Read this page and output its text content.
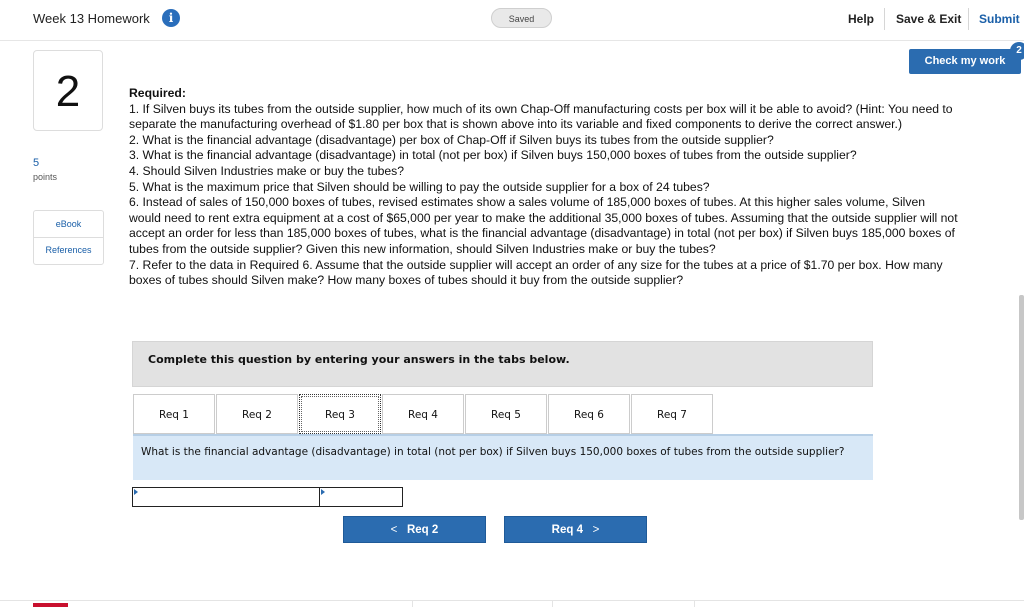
Week 13 Homework	i	Saved	Help Save & Exit Submit
Check my work
2
2
5
points
eBook
References

Required:

1. If Silven buys its tubes from the outside supplier, how much of its own Chap-Off manufacturing costs per box will it be able to avoid? (Hint: You need to separate the manufacturing overhead of $1.80 per box that is shown above into its variable and fixed components to derive the correct answer.)

2. What is the financial advantage (disadvantage) per box of Chap-Off if Silven buys its tubes from the outside supplier?

3. What is the financial advantage (disadvantage) in total (not per box) if Silven buys 150,000 boxes of tubes from the outside supplier?

4. Should Silven Industries make or buy the tubes?

5. What is the maximum price that Silven should be willing to pay the outside supplier for a box of 24 tubes?

6. Instead of sales of 150,000 boxes of tubes, revised estimates show a sales volume of 185,000 boxes of tubes. At this higher sales volume, Silven would need to rent extra equipment at a cost of $65,000 per year to make the additional 35,000 boxes of tubes. Assuming that the outside supplier will not accept an order for less than 185,000 boxes of tubes, what is the financial advantage (disadvantage) in total (not per box) if Silven buys 185,000 boxes of tubes from the outside supplier? Given this new information, should Silven Industries make or buy the tubes?

7. Refer to the data in Required 6. Assume that the outside supplier will accept an order of any size for the tubes at a price of $1.70 per box. How many boxes of tubes should Silven make? How many boxes of tubes should it buy from the outside supplier?

Complete this question by entering your answers in the tabs below.
Req 1	Req 2	Req 3	Req 4	Req 5	Req 6	Req 7
What is the financial advantage (disadvantage) in total (not per box) if Silven buys 150,000 boxes of tubes from the outside supplier?
< Req 2	Req 4 >
